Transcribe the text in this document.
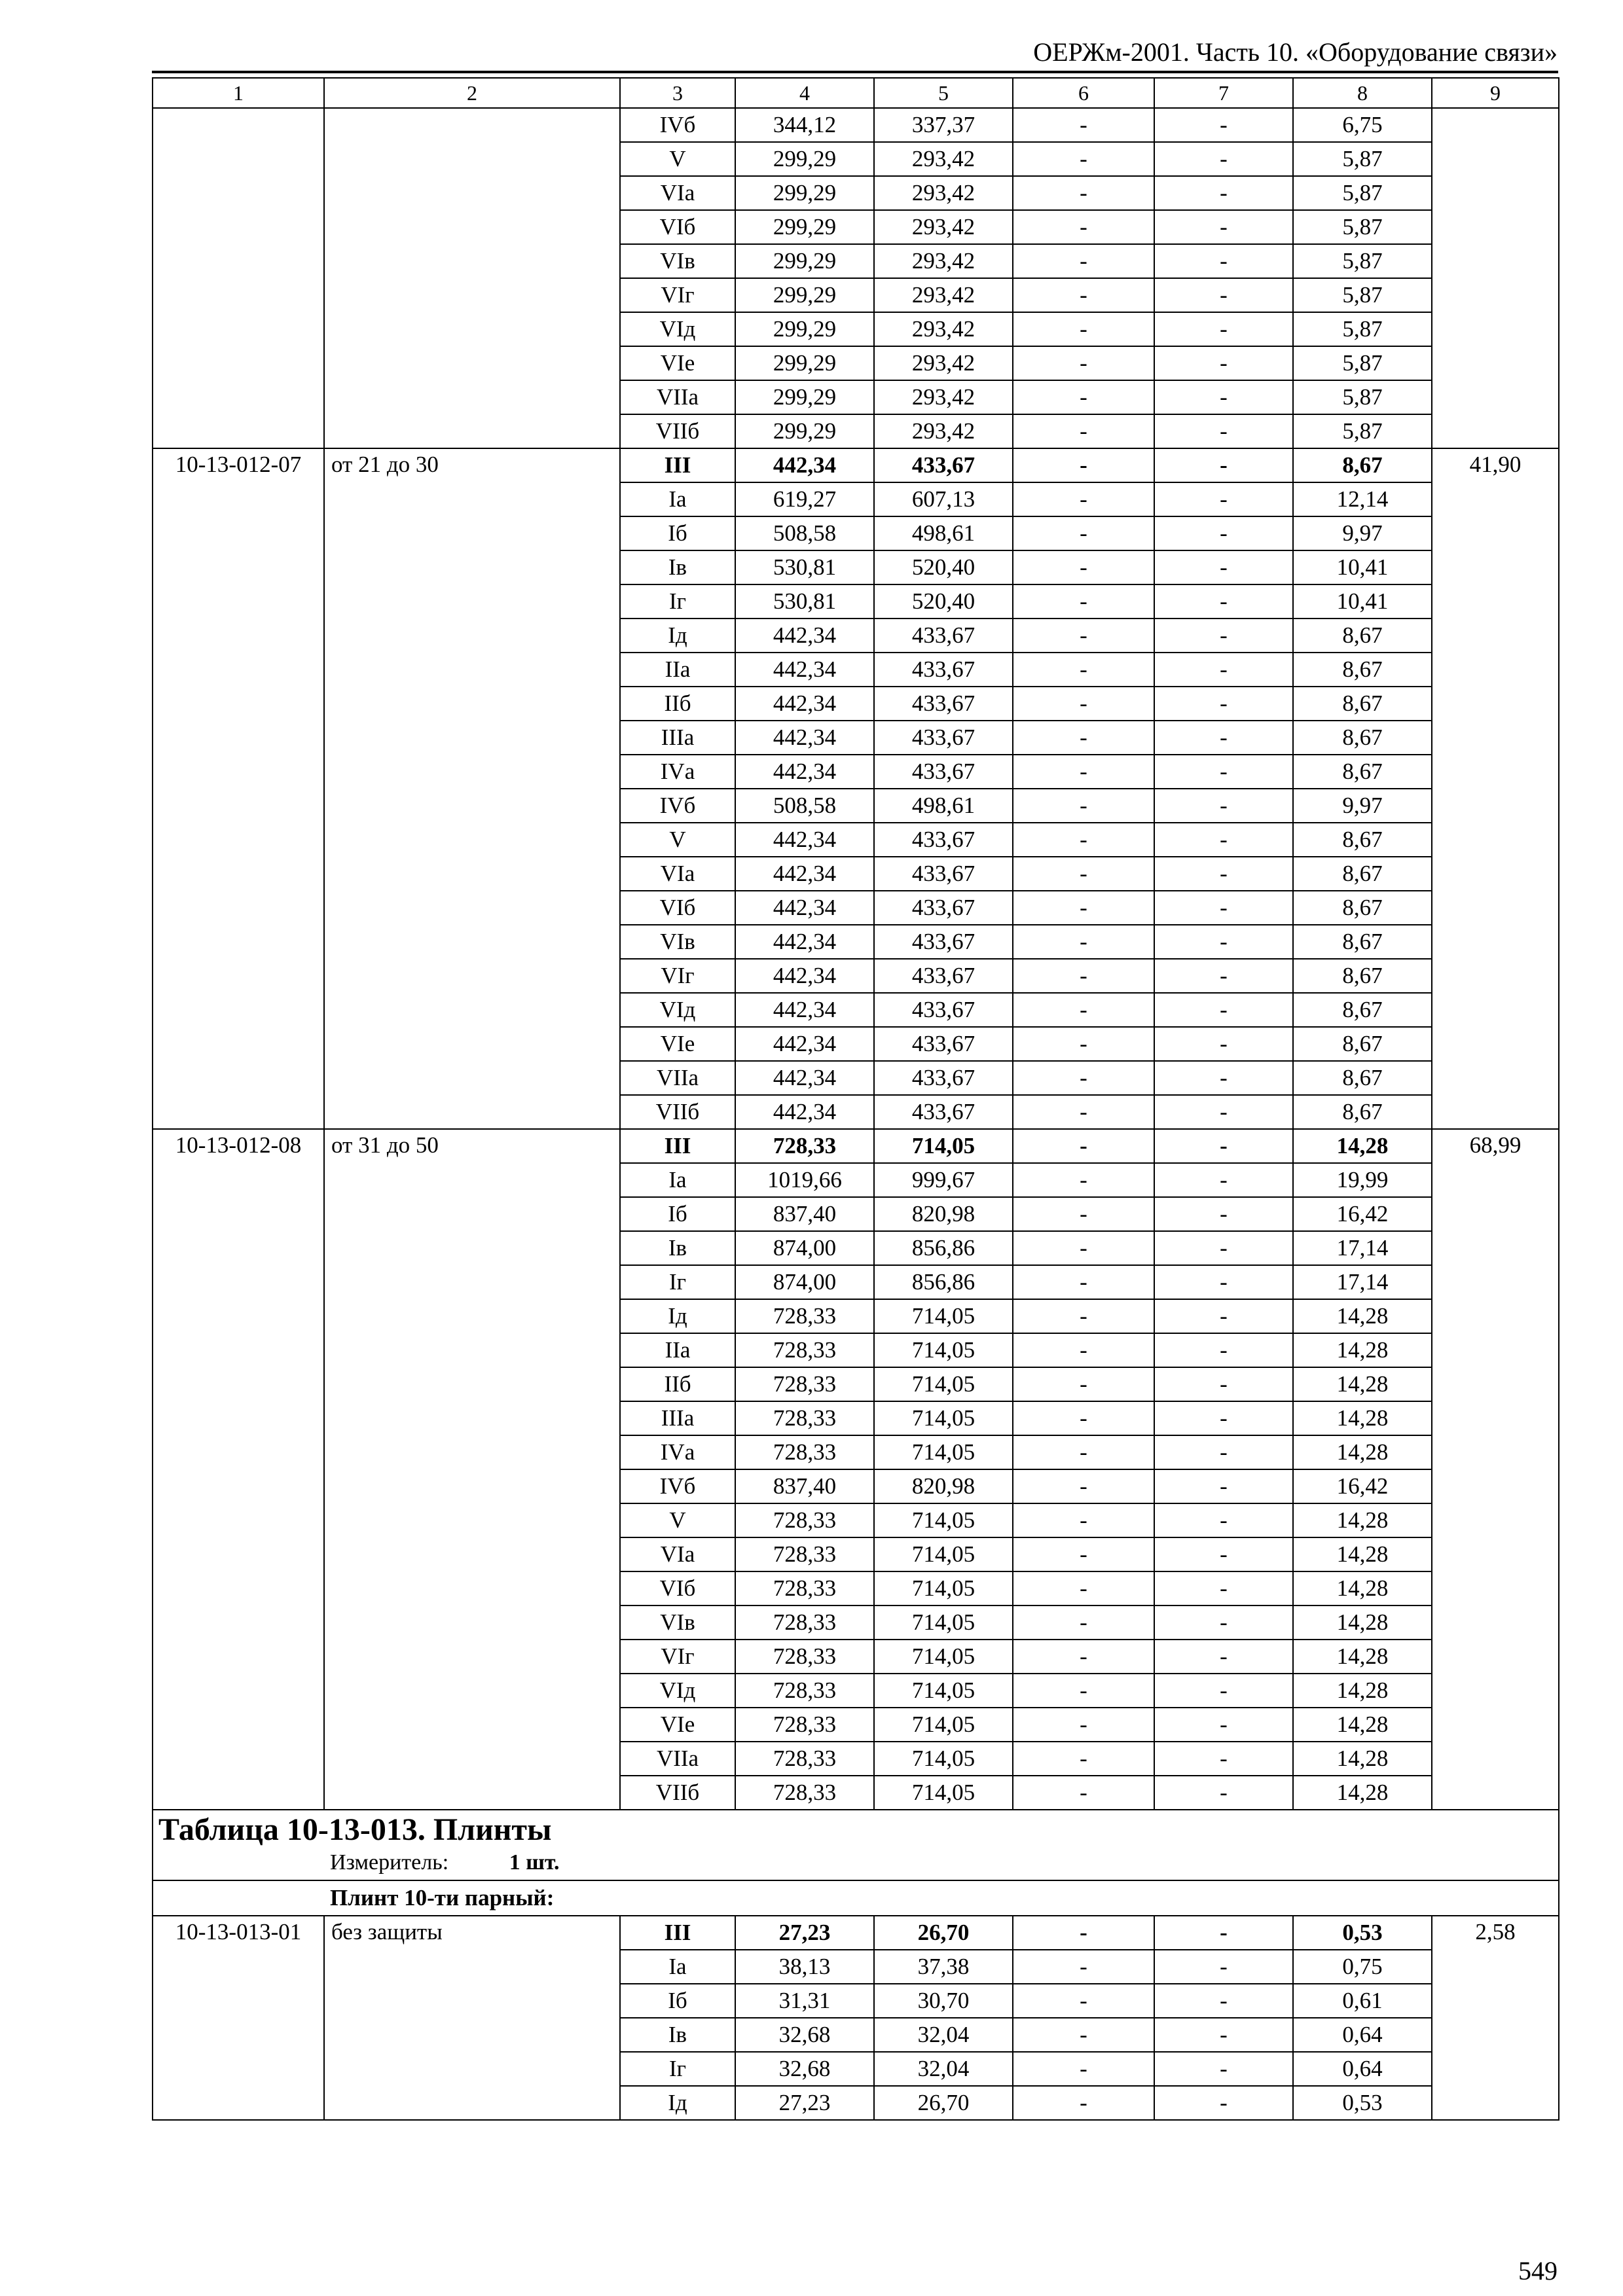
ОЕРЖм-2001. Часть 10. «Оборудование связи»
1	2	3	4	5	6	7	8	9
		IVб	344,12	337,37	-	-	6,75	
		V	299,29	293,42	-	-	5,87	
		VIа	299,29	293,42	-	-	5,87	
		VIб	299,29	293,42	-	-	5,87	
		VIв	299,29	293,42	-	-	5,87	
		VIг	299,29	293,42	-	-	5,87	
		VIд	299,29	293,42	-	-	5,87	
		VIе	299,29	293,42	-	-	5,87	
		VIIа	299,29	293,42	-	-	5,87	
		VIIб	299,29	293,42	-	-	5,87	
10-13-012-07	от 21 до 30	III	442,34	433,67	-	-	8,67	41,90
		Iа	619,27	607,13	-	-	12,14	
		Iб	508,58	498,61	-	-	9,97	
		Iв	530,81	520,40	-	-	10,41	
		Iг	530,81	520,40	-	-	10,41	
		Iд	442,34	433,67	-	-	8,67	
		IIа	442,34	433,67	-	-	8,67	
		IIб	442,34	433,67	-	-	8,67	
		IIIа	442,34	433,67	-	-	8,67	
		IVа	442,34	433,67	-	-	8,67	
		IVб	508,58	498,61	-	-	9,97	
		V	442,34	433,67	-	-	8,67	
		VIа	442,34	433,67	-	-	8,67	
		VIб	442,34	433,67	-	-	8,67	
		VIв	442,34	433,67	-	-	8,67	
		VIг	442,34	433,67	-	-	8,67	
		VIд	442,34	433,67	-	-	8,67	
		VIе	442,34	433,67	-	-	8,67	
		VIIа	442,34	433,67	-	-	8,67	
		VIIб	442,34	433,67	-	-	8,67	
10-13-012-08	от 31 до 50	III	728,33	714,05	-	-	14,28	68,99
		Iа	1019,66	999,67	-	-	19,99	
		Iб	837,40	820,98	-	-	16,42	
		Iв	874,00	856,86	-	-	17,14	
		Iг	874,00	856,86	-	-	17,14	
		Iд	728,33	714,05	-	-	14,28	
		IIа	728,33	714,05	-	-	14,28	
		IIб	728,33	714,05	-	-	14,28	
		IIIа	728,33	714,05	-	-	14,28	
		IVа	728,33	714,05	-	-	14,28	
		IVб	837,40	820,98	-	-	16,42	
		V	728,33	714,05	-	-	14,28	
		VIа	728,33	714,05	-	-	14,28	
		VIб	728,33	714,05	-	-	14,28	
		VIв	728,33	714,05	-	-	14,28	
		VIг	728,33	714,05	-	-	14,28	
		VIд	728,33	714,05	-	-	14,28	
		VIе	728,33	714,05	-	-	14,28	
		VIIа	728,33	714,05	-	-	14,28	
		VIIб	728,33	714,05	-	-	14,28	

Таблица 10-13-013. Плинты
Измеритель: 1 шт.								

Плинт 10-ти парный:								
10-13-013-01	без защиты	III	27,23	26,70	-	-	0,53	2,58
		Iа	38,13	37,38	-	-	0,75	
		Iб	31,31	30,70	-	-	0,61	
		Iв	32,68	32,04	-	-	0,64	
		Iг	32,68	32,04	-	-	0,64	
		Iд	27,23	26,70	-	-	0,53	
549
